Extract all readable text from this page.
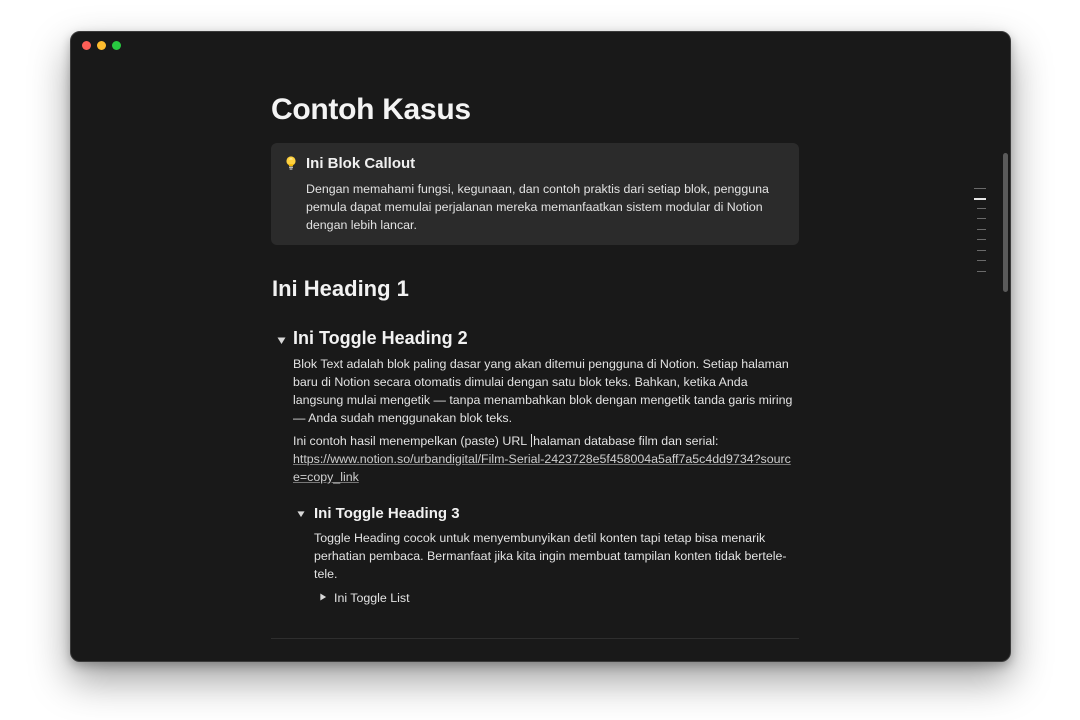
Contoh Kasus
Ini Blok Callout
Dengan memahami fungsi, kegunaan, dan contoh praktis dari setiap blok, pengguna pemula dapat memulai perjalanan mereka memanfaatkan sistem modular di Notion dengan lebih lancar.
Ini Heading 1
Ini Toggle Heading 2

Blok Text adalah blok paling dasar yang akan ditemui pengguna di Notion. Setiap halaman baru di Notion secara otomatis dimulai dengan satu blok teks. Bahkan, ketika Anda langsung mulai mengetik — tanpa menambahkan blok dengan mengetik tanda garis miring — Anda sudah menggunakan blok teks.

Ini contoh hasil menempelkan (paste) URL halaman database film dan serial:
https://www.notion.so/urbandigital/Film-Serial-2423728e5f458004a5aff7a5c4dd9734?source=copy_link
Ini Toggle Heading 3

Toggle Heading cocok untuk menyembunyikan detil konten tapi tetap bisa menarik perhatian pembaca. Bermanfaat jika kita ingin membuat tampilan konten tidak bertele-tele.

Ini Toggle List
